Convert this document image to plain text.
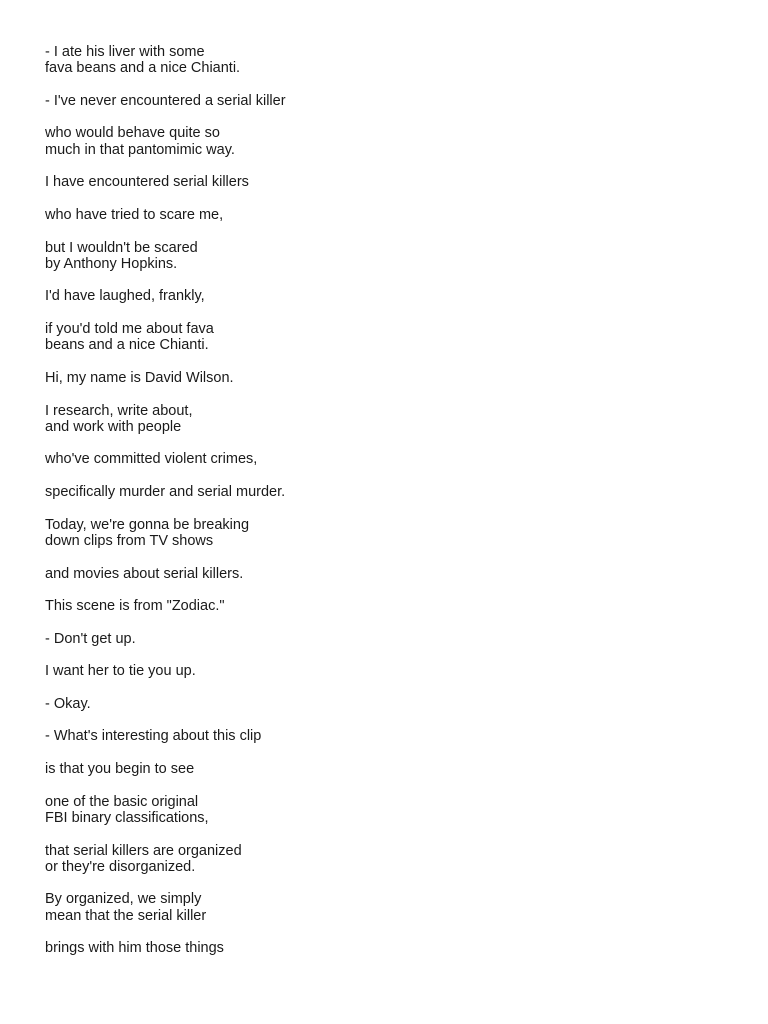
- I ate his liver with some
fava beans and a nice Chianti.

- I've never encountered a serial killer

who would behave quite so
much in that pantomimic way.

I have encountered serial killers

who have tried to scare me,

but I wouldn't be scared
by Anthony Hopkins.

I'd have laughed, frankly,

if you'd told me about fava
beans and a nice Chianti.

Hi, my name is David Wilson.

I research, write about,
and work with people

who've committed violent crimes,

specifically murder and serial murder.

Today, we're gonna be breaking
down clips from TV shows

and movies about serial killers.

This scene is from "Zodiac."

- Don't get up.

I want her to tie you up.

- Okay.

- What's interesting about this clip

is that you begin to see

one of the basic original
FBI binary classifications,

that serial killers are organized
or they're disorganized.

By organized, we simply
mean that the serial killer

brings with him those things
